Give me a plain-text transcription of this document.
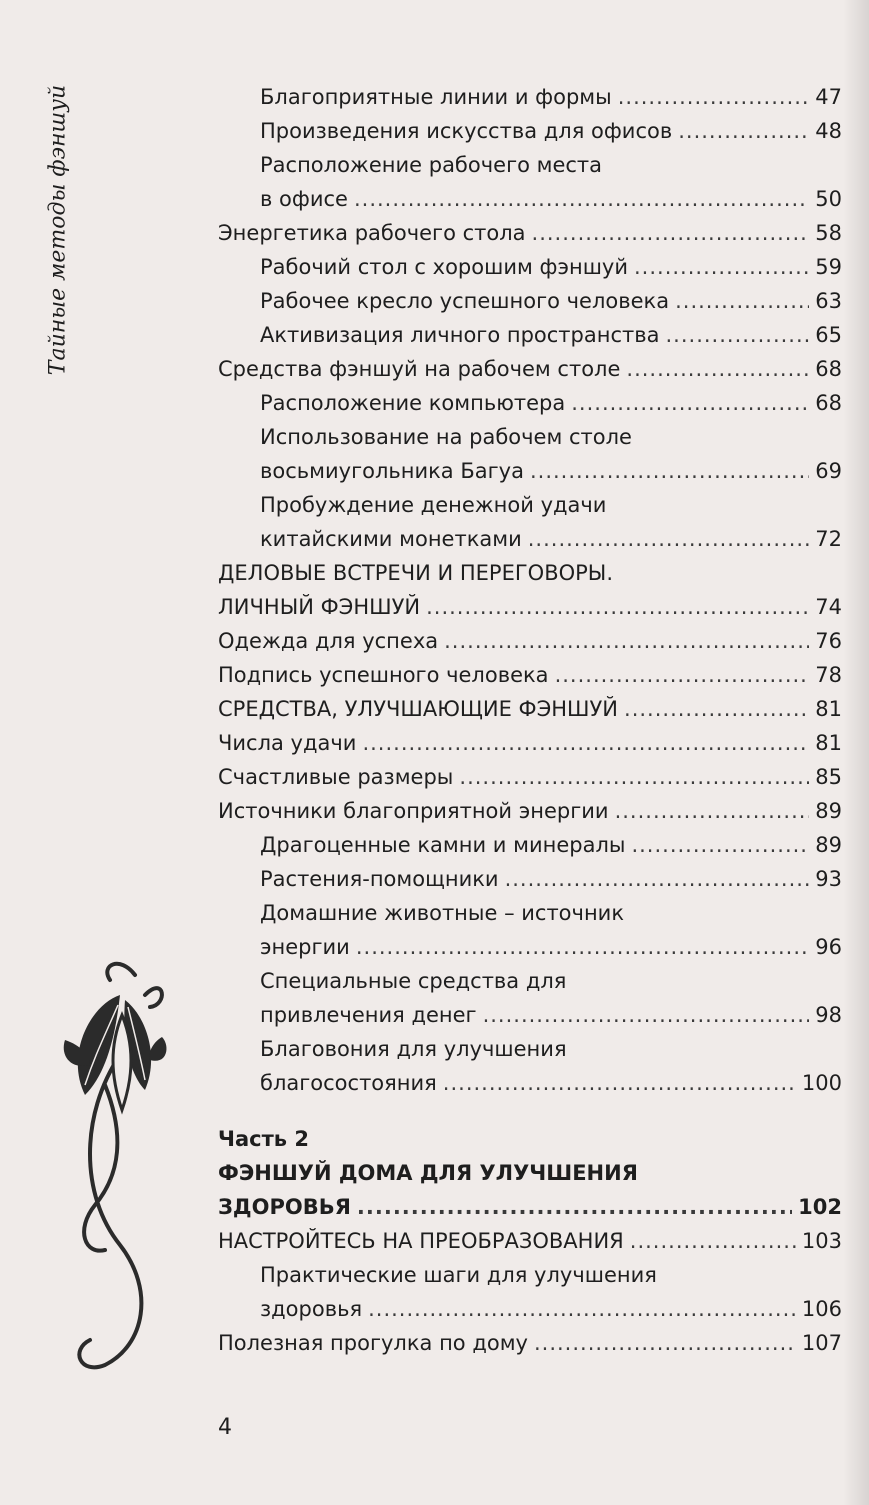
Тайные методы фэншуй	Благоприятные линии и формы .....	47
Произведения искусства для офисов .....	48
Расположение рабочего места
в офисе .....	50
Энергетика рабочего стола .....	58
Рабочий стол с хорошим фэншуй .....	59
Рабочее кресло успешного человека .....	63
Активизация личного пространства .....	65
Средства фэншуй на рабочем столе .....	68
Расположение компьютера .....	68
Использование на рабочем столе
восьмиугольника Багуа .....	69
Пробуждение денежной удачи
китайскими монетками .....	72
ДЕЛОВЫЕ ВСТРЕЧИ И ПЕРЕГОВОРЫ.
ЛИЧНЫЙ ФЭНШУЙ .....	74
Одежда для успеха .....	76
Подпись успешного человека .....	78
СРЕДСТВА, УЛУЧШАЮЩИЕ ФЭНШУЙ .....	81
Числа удачи .....	81
Счастливые размеры .....	85
Источники благоприятной энергии .....	89
Драгоценные камни и минералы .....	89
Растения-помощники .....	93
Домашние животные – источник
энергии .....	96
Специальные средства для
привлечения денег .....	98
Благовония для улучшения
благосостояния .....	100
Часть 2
ФЭНШУЙ ДОМА ДЛЯ УЛУЧШЕНИЯ
ЗДОРОВЬЯ .....	102
НАСТРОЙТЕСЬ НА ПРЕОБРАЗОВАНИЯ .....	103
Практические шаги для улучшения
здоровья .....	106
Полезная прогулка по дому .....	107
4
